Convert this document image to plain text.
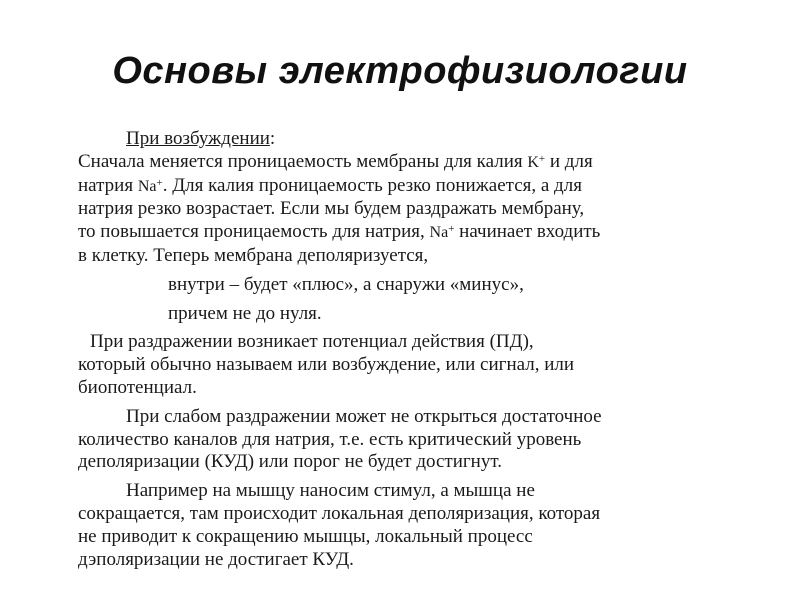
Основы электрофизиологии
При возбуждении:
Сначала меняется проницаемость мембраны для калия K+ и для
натрия Na+. Для калия проницаемость резко понижается, а для
натрия резко возрастает. Если мы будем раздражать мембрану,
то повышается проницаемость для натрия, Na+ начинает входить
в клетку. Теперь мембрана деполяризуется,
внутри – будет «плюс», а снаружи «минус»,
причем не до нуля.
При раздражении возникает потенциал действия (ПД),
который обычно называем или возбуждение, или сигнал, или
биопотенциал.
При слабом раздражении может не открыться достаточное
количество каналов для натрия, т.е. есть критический уровень
деполяризации (КУД) или порог не будет достигнут.
Например на мышцу наносим стимул, а мышца не
сокращается, там происходит локальная деполяризация, которая
не приводит к сокращению мышцы, локальный процесс
дэполяризации не достигает КУД.
